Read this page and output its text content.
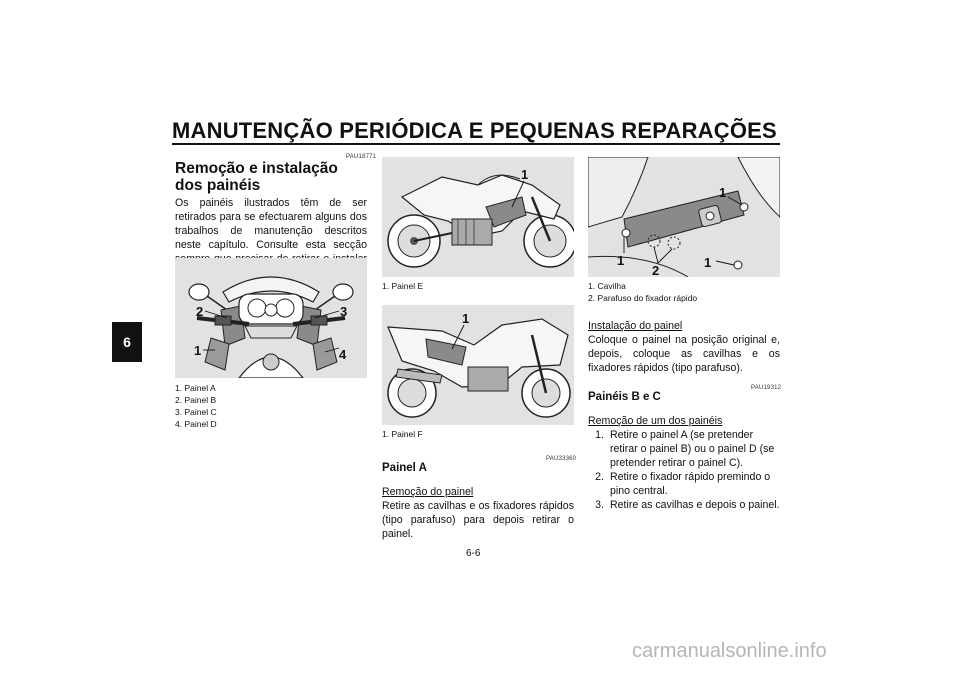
MANUTENÇÃO PERIÓDICA E PEQUENAS REPARAÇÕES
6
PAU18771
Remoção e instalação dos painéis
Os painéis ilustrados têm de ser retirados para se efectuarem alguns dos trabalhos de manutenção descritos neste capítulo. Consulte esta secção
2	3
1	4
1. Painel A
2. Painel B
3. Painel C
4. Painel D
1
1. Painel E
1
1. Painel F
PAU33360
Painel A
Remoção do painel
Retire as cavilhas e os fixadores rápidos (tipo parafuso) para depois retirar o painel.
1
1	1
2
1. Cavilha
2. Parafuso do fixador rápido
Instalação do painel
Coloque o painel na posição original e, depois, coloque as cavilhas e os fixadores rápidos (tipo parafuso).
PAU19312
Painéis B e C
Remoção de um dos painéis
1. Retire o painel A (se pretender retirar o painel B) ou o painel D (se pretender retirar o painel C).
2. Retire o fixador rápido premindo o pino central.
3. Retire as cavilhas e depois o painel.
6-6
carmanualsonline.info
